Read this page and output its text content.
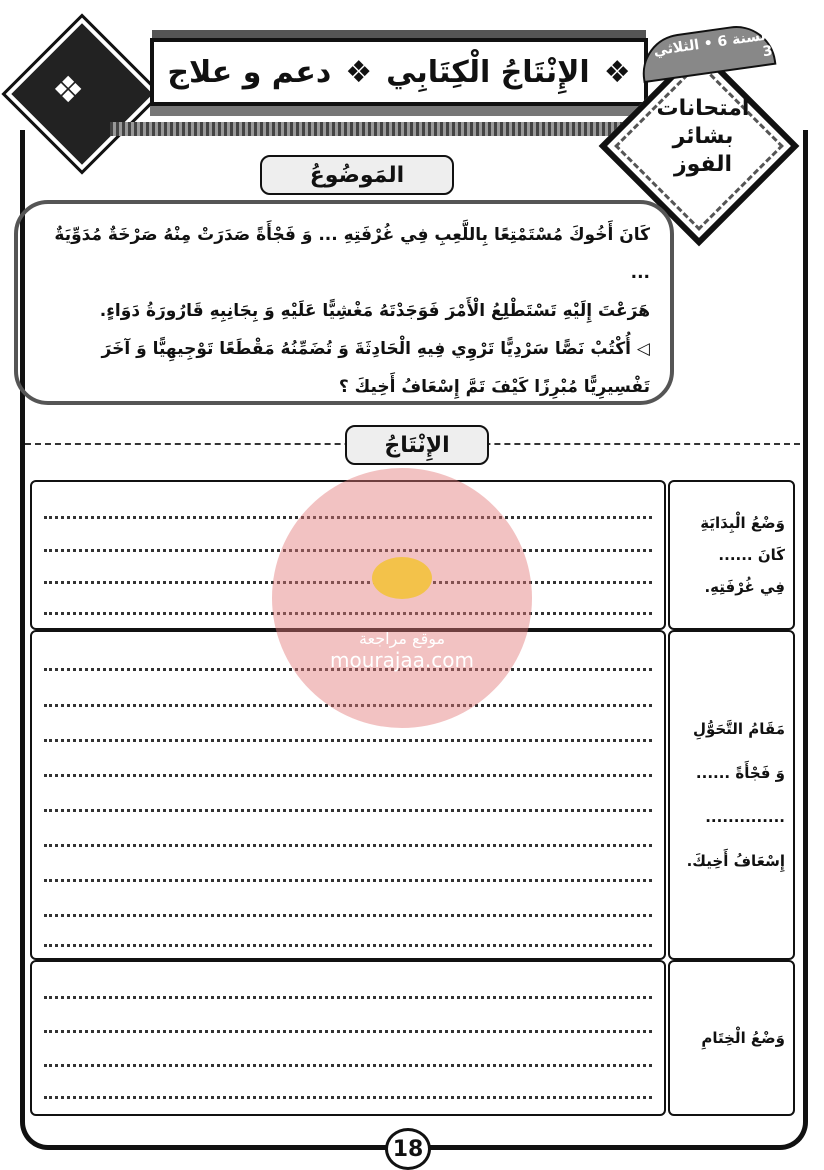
❖	❖
الإِنْتَاجُ الْكِتَابِي
❖
دعم و علاج
امتحانات
بشائر
الفوز
السنة 6 • الثلاثي 3
المَوضُوعُ

كَانَ أَخُوكَ مُسْتَمْتِعًا بِاللَّعِبِ فِي غُرْفَتِهِ ... وَ فَجْأَةً صَدَرَتْ مِنْهُ صَرْخَةٌ مُدَوِّيَةٌ ...

هَرَعْتَ إِلَيْهِ تَسْتَطْلِعُ الْأَمْرَ فَوَجَدْتَهُ مَغْشِيًّا عَلَيْهِ وَ بِجَانِبِهِ قَارُورَةُ دَوَاءٍ.

◁ أُكْتُبْ نَصًّا سَرْدِيًّا تَرْوِي فِيهِ الْحَادِثَةَ وَ تُضَمِّنُهُ مَقْطَعًا تَوْجِيهِيًّا وَ آخَرَ

تَفْسِيرِيًّا مُبْرِزًا كَيْفَ تَمَّ إِسْعَافُ أَخِيكَ ؟

الإِنْتَاجُ
وَضْعُ الْبِدَايَةِ
كَانَ ......
فِي غُرْفَتِهِ.
مَقَامُ التَّحَوُّلِ
وَ فَجْأَةً ......
..............
إِسْعَافُ أَخِيكَ.
وَضْعُ الْخِتَامِ
موقع مراجعة
mourajaa.com
18
